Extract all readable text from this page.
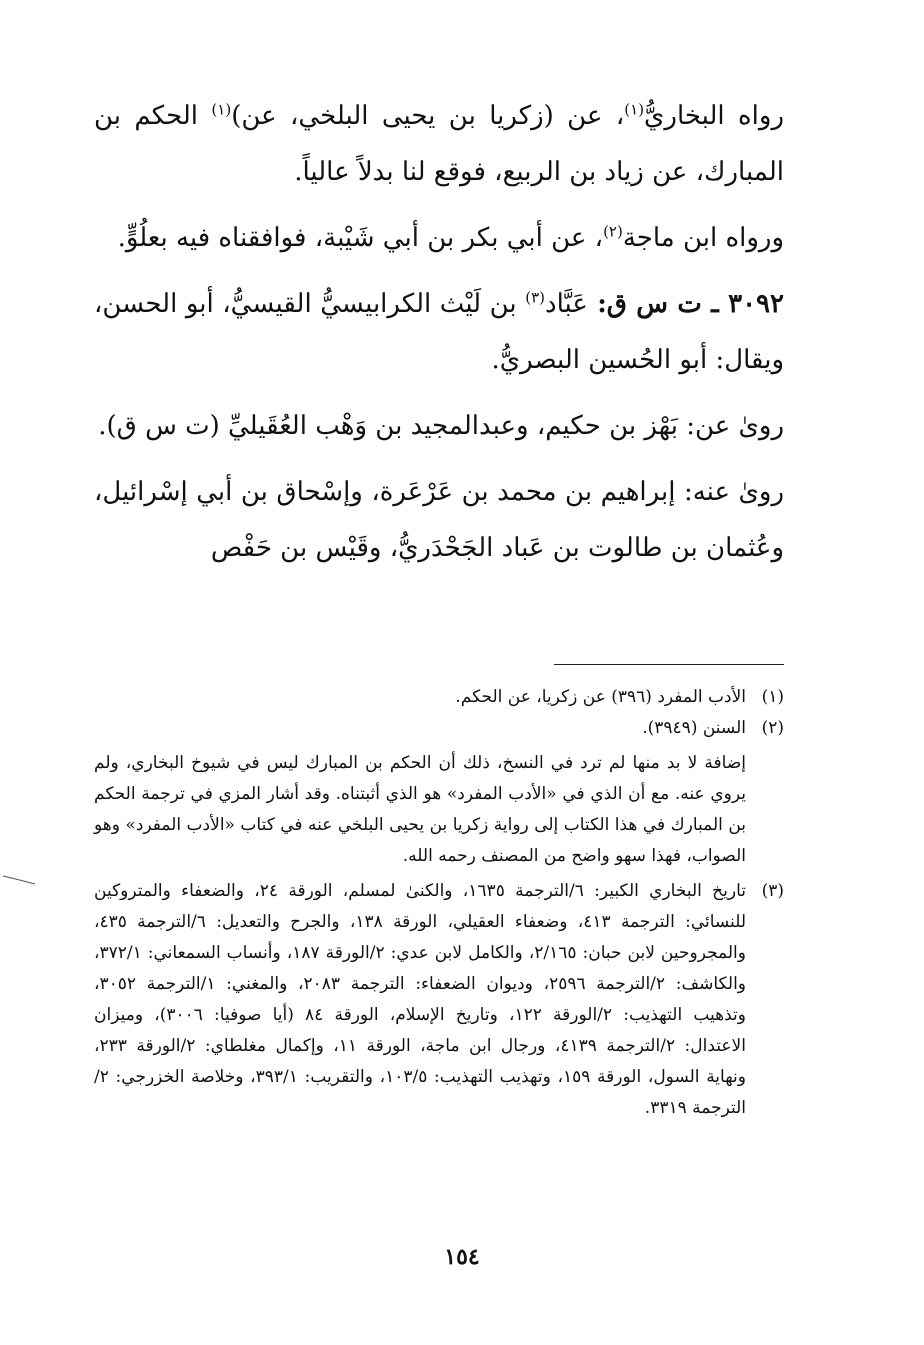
رواه البخاريُّ$^{(١)}$، عن (زكريا بن يحيى البلخي، عن)$^{(١)}$ الحكم بن المبارك، عن زياد بن الربيع، فوقع لنا بدلاً عالياً.

ورواه ابن ماجة$^{(٢)}$، عن أبي بكر بن أبي شَيْبة، فوافقناه فيه بعلُوٍّ.

٣٠٩٢ ـ ت س ق: عَبَّاد$^{(٣)}$ بن لَيْث الكرابيسيُّ القيسيُّ، أبو الحسن، ويقال: أبو الحُسين البصريُّ.

روىٰ عن: بَهْز بن حكيم، وعبدالمجيد بن وَهْب العُقَيليِّ (ت س ق).

روىٰ عنه: إبراهيم بن محمد بن عَرْعَرة، وإسْحاق بن أبي إسْرائيل، وعُثمان بن طالوت بن عَباد الجَحْدَريُّ، وقَيْس بن حَفْص

(١)
الأدب المفرد (٣٩٦) عن زكريا، عن الحكم.
(٢)
السنن (٣٩٤٩).
إضافة لا بد منها لم ترد في النسخ، ذلك أن الحكم بن المبارك ليس في شيوخ البخاري، ولم يروي عنه. مع أن الذي في «الأدب المفرد» هو الذي أثبتناه. وقد أشار المزي في ترجمة الحكم بن المبارك في هذا الكتاب إلى رواية زكريا بن يحيى البلخي عنه في كتاب «الأدب المفرد» وهو الصواب، فهذا سهو واضح من المصنف رحمه الله.
(٣)
تاريخ البخاري الكبير: ٦/الترجمة ١٦٣٥، والكنىٰ لمسلم، الورقة ٢٤، والضعفاء والمتروكين للنسائي: الترجمة ٤١٣، وضعفاء العقيلي، الورقة ١٣٨، والجرح والتعديل: ٦/الترجمة ٤٣٥، والمجروحين لابن حبان: ٢/١٦٥، والكامل لابن عدي: ٢/الورقة ١٨٧، وأنساب السمعاني: ٣٧٢/١، والكاشف: ٢/الترجمة ٢٥٩٦، وديوان الضعفاء: الترجمة ٢٠٨٣، والمغني: ١/الترجمة ٣٠٥٢، وتذهيب التهذيب: ٢/الورقة ١٢٢، وتاريخ الإسلام، الورقة ٨٤ (أيا صوفيا: ٣٠٠٦)، وميزان الاعتدال: ٢/الترجمة ٤١٣٩، ورجال ابن ماجة، الورقة ١١، وإكمال مغلطاي: ٢/الورقة ٢٣٣، ونهاية السول، الورقة ١٥٩، وتهذيب التهذيب: ١٠٣/٥، والتقريب: ٣٩٣/١، وخلاصة الخزرجي: ٢/الترجمة ٣٣١٩.
١٥٤
